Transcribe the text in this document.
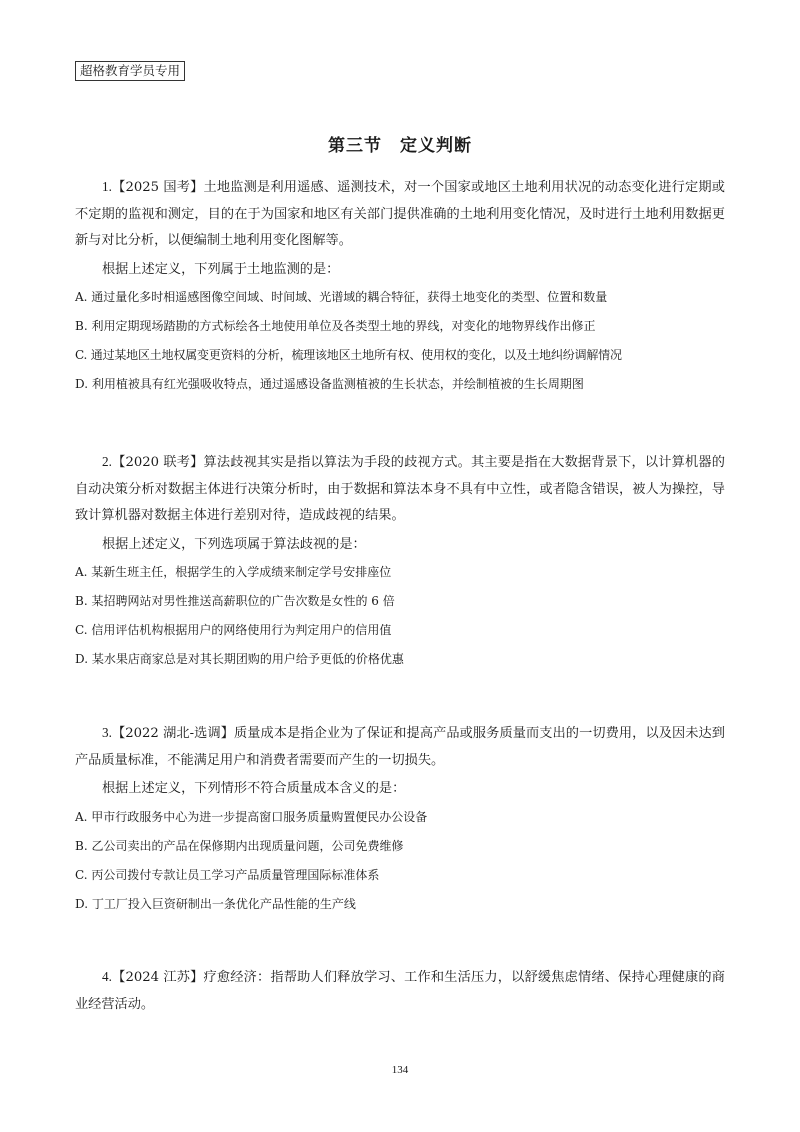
超格教育学员专用
第三节　定义判断
1.【2025 国考】土地监测是利用遥感、遥测技术，对一个国家或地区土地利用状况的动态变化进行定期或不定期的监视和测定，目的在于为国家和地区有关部门提供准确的土地利用变化情况，及时进行土地利用数据更新与对比分析，以便编制土地利用变化图解等。
根据上述定义，下列属于土地监测的是：
A. 通过量化多时相遥感图像空间域、时间域、光谱域的耦合特征，获得土地变化的类型、位置和数量
B. 利用定期现场踏勘的方式标绘各土地使用单位及各类型土地的界线，对变化的地物界线作出修正
C. 通过某地区土地权属变更资料的分析，梳理该地区土地所有权、使用权的变化，以及土地纠纷调解情况
D. 利用植被具有红光强吸收特点，通过遥感设备监测植被的生长状态，并绘制植被的生长周期图
2.【2020 联考】算法歧视其实是指以算法为手段的歧视方式。其主要是指在大数据背景下，以计算机器的自动决策分析对数据主体进行决策分析时，由于数据和算法本身不具有中立性，或者隐含错误，被人为操控，导致计算机器对数据主体进行差别对待，造成歧视的结果。
根据上述定义，下列选项属于算法歧视的是：
A. 某新生班主任，根据学生的入学成绩来制定学号安排座位
B. 某招聘网站对男性推送高薪职位的广告次数是女性的 6 倍
C. 信用评估机构根据用户的网络使用行为判定用户的信用值
D. 某水果店商家总是对其长期团购的用户给予更低的价格优惠
3.【2022 湖北-选调】质量成本是指企业为了保证和提高产品或服务质量而支出的一切费用，以及因未达到产品质量标准，不能满足用户和消费者需要而产生的一切损失。
根据上述定义，下列情形不符合质量成本含义的是：
A. 甲市行政服务中心为进一步提高窗口服务质量购置便民办公设备
B. 乙公司卖出的产品在保修期内出现质量问题，公司免费维修
C. 丙公司拨付专款让员工学习产品质量管理国际标准体系
D. 丁工厂投入巨资研制出一条优化产品性能的生产线
4.【2024 江苏】疗愈经济：指帮助人们释放学习、工作和生活压力，以舒缓焦虑情绪、保持心理健康的商业经营活动。
134
